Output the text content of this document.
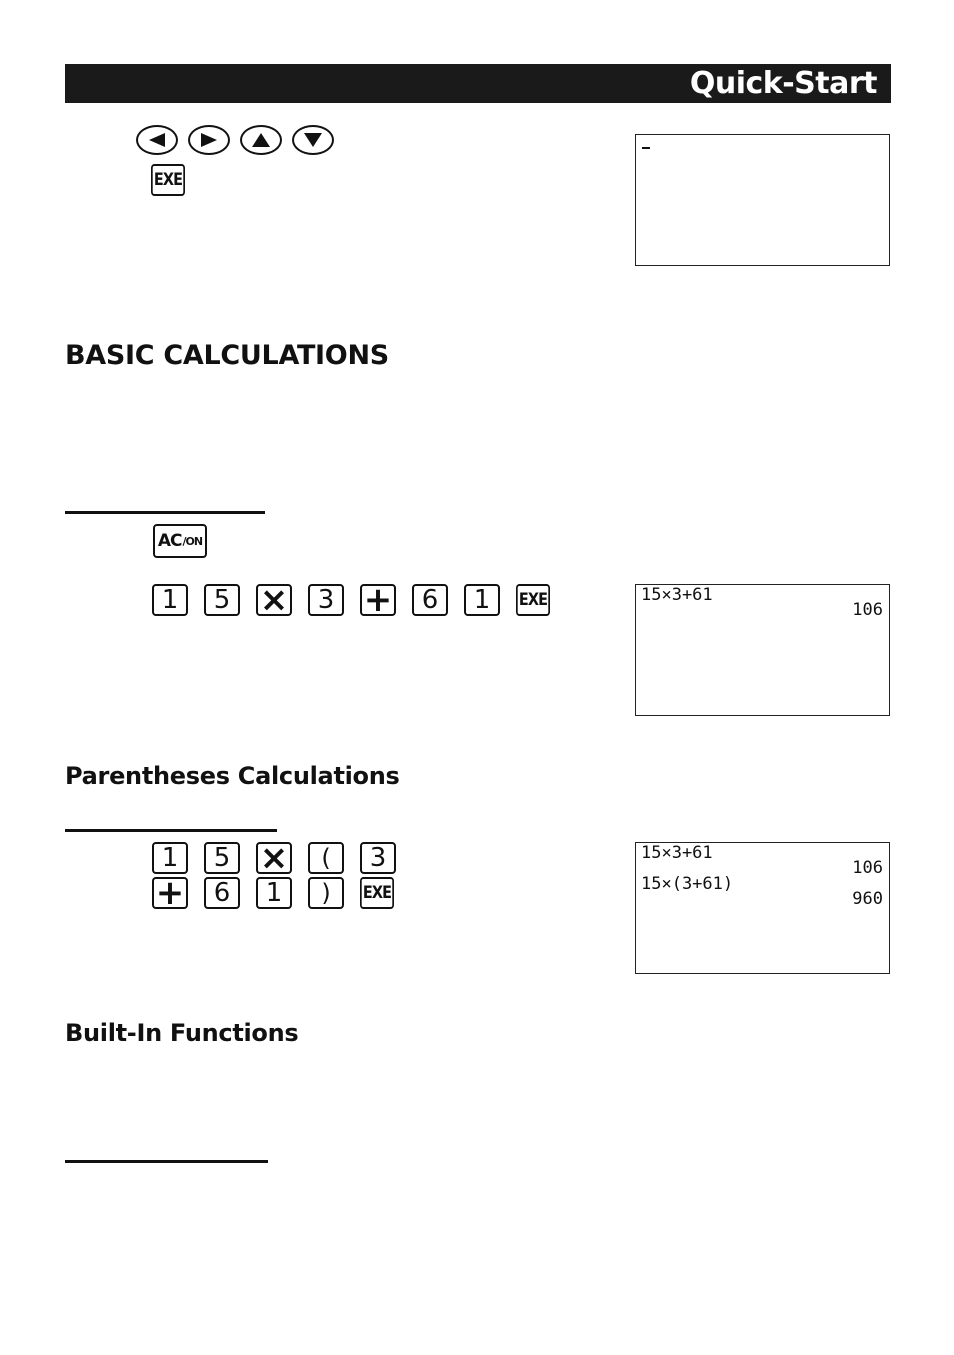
Quick-Start
EXE
BASIC CALCULATIONS
AC /ON
1	5 ×	3 +	6	1	EXE	15×3+61
106
Parentheses Calculations
1	5 ×	(	3
+	6	1	)	EXE
15×3+61
106
15×(3+61)
960
Built-In Functions
